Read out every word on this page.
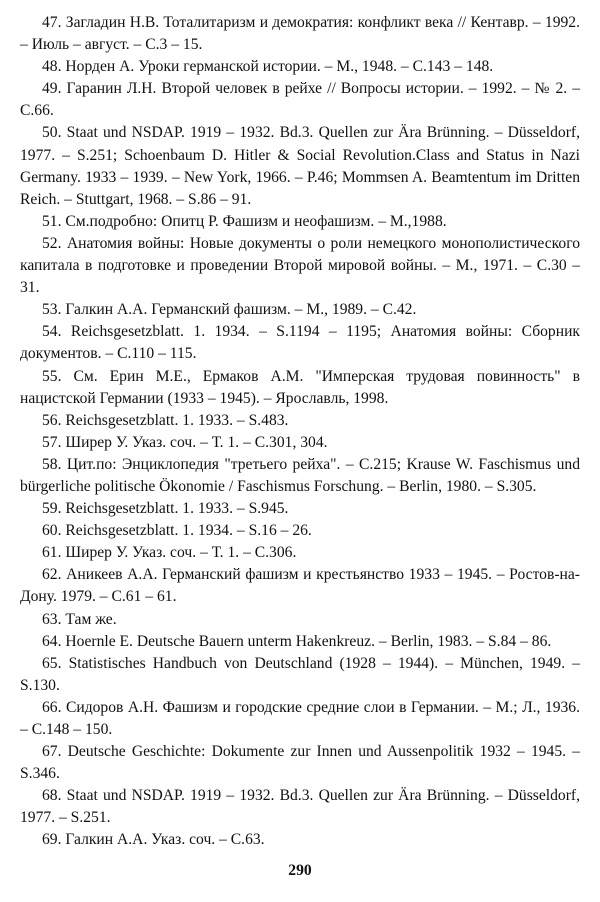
47. Загладин Н.В. Тоталитаризм и демократия: конфликт века // Кентавр. – 1992. – Июль – август. – С.3 – 15.

48. Норден А. Уроки германской истории. – М., 1948. – С.143 – 148.

49. Гаранин Л.Н. Второй человек в рейхе // Вопросы истории. – 1992. – № 2. – С.66.

50. Staat und NSDAP. 1919 – 1932. Bd.3. Quellen zur Ära Brünning. – Düsseldorf, 1977. – S.251; Schoenbaum D. Hitler & Social Revolution.Class and Status in Nazi Germany. 1933 – 1939. – New York, 1966. – P.46; Mommsen A. Beamtentum im Dritten Reich. – Stuttgart, 1968. – S.86 – 91.

51. См.подробно: Опитц Р. Фашизм и неофашизм. – М.,1988.

52. Анатомия войны: Новые документы о роли немецкого монополистического капитала в подготовке и проведении Второй мировой войны. – М., 1971. – С.30 – 31.

53. Галкин А.А. Германский фашизм. – М., 1989. – С.42.

54. Reichsgesetzblatt. 1. 1934. – S.1194 – 1195; Анатомия войны: Сборник документов. – С.110 – 115.

55. См. Ерин М.Е., Ермаков А.М. "Имперская трудовая повинность" в нацистской Германии (1933 – 1945). – Ярославль, 1998.

56. Reichsgesetzblatt. 1. 1933. – S.483.

57. Ширер У. Указ. соч. – Т. 1. – С.301, 304.

58. Цит.по: Энциклопедия "третьего рейха". – С.215; Krause W. Faschismus und bürgerliche politische Ökonomie / Faschismus Forschung. – Berlin, 1980. – S.305.

59. Reichsgesetzblatt. 1. 1933. – S.945.

60. Reichsgesetzblatt. 1. 1934. – S.16 – 26.

61. Ширер У. Указ. соч. – Т. 1. – С.306.

62. Аникеев А.А. Германский фашизм и крестьянство 1933 – 1945. – Ростов-на-Дону. 1979. – С.61 – 61.

63. Там же.

64. Hoernle E. Deutsche Bauern unterm Hakenkreuz. – Berlin, 1983. – S.84 – 86.

65. Statistisches Handbuch von Deutschland (1928 – 1944). – München, 1949. – S.130.

66. Сидоров А.Н. Фашизм и городские средние слои в Германии. – М.; Л., 1936. – С.148 – 150.

67. Deutsche Geschichte: Dokumente zur Innen und Aussenpolitik 1932 – 1945. – S.346.

68. Staat und NSDAP. 1919 – 1932. Bd.3. Quellen zur Ära Brünning. – Düsseldorf, 1977. – S.251.

69. Галкин А.А. Указ. соч. – С.63.

290
